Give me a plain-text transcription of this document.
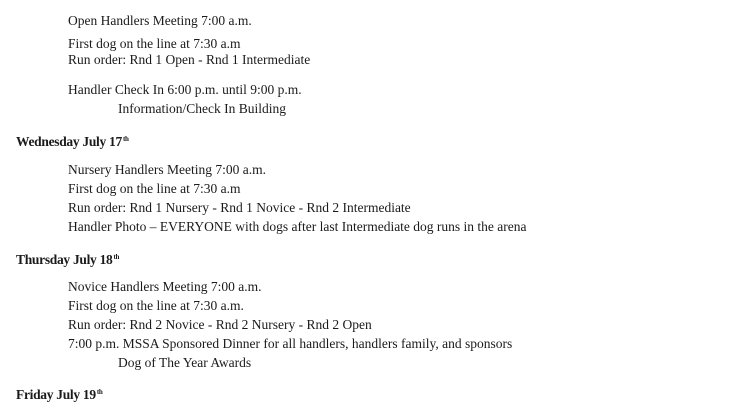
Open Handlers Meeting 7:00 a.m.
First dog on the line at 7:30 a.m
Run order: Rnd 1 Open - Rnd 1 Intermediate
Handler Check In 6:00 p.m. until 9:00 p.m.
Information/Check In Building
Wednesday July 17th
Nursery Handlers Meeting 7:00 a.m.
First dog on the line at 7:30 a.m
Run order: Rnd 1 Nursery - Rnd 1 Novice - Rnd 2 Intermediate
Handler Photo – EVERYONE with dogs after last Intermediate dog runs in the arena
Thursday July 18th
Novice Handlers Meeting 7:00 a.m.
First dog on the line at 7:30 a.m.
Run order: Rnd 2 Novice - Rnd 2 Nursery - Rnd 2 Open
7:00 p.m. MSSA Sponsored Dinner for all handlers, handlers family, and sponsors
Dog of The Year Awards
Friday July 19th
